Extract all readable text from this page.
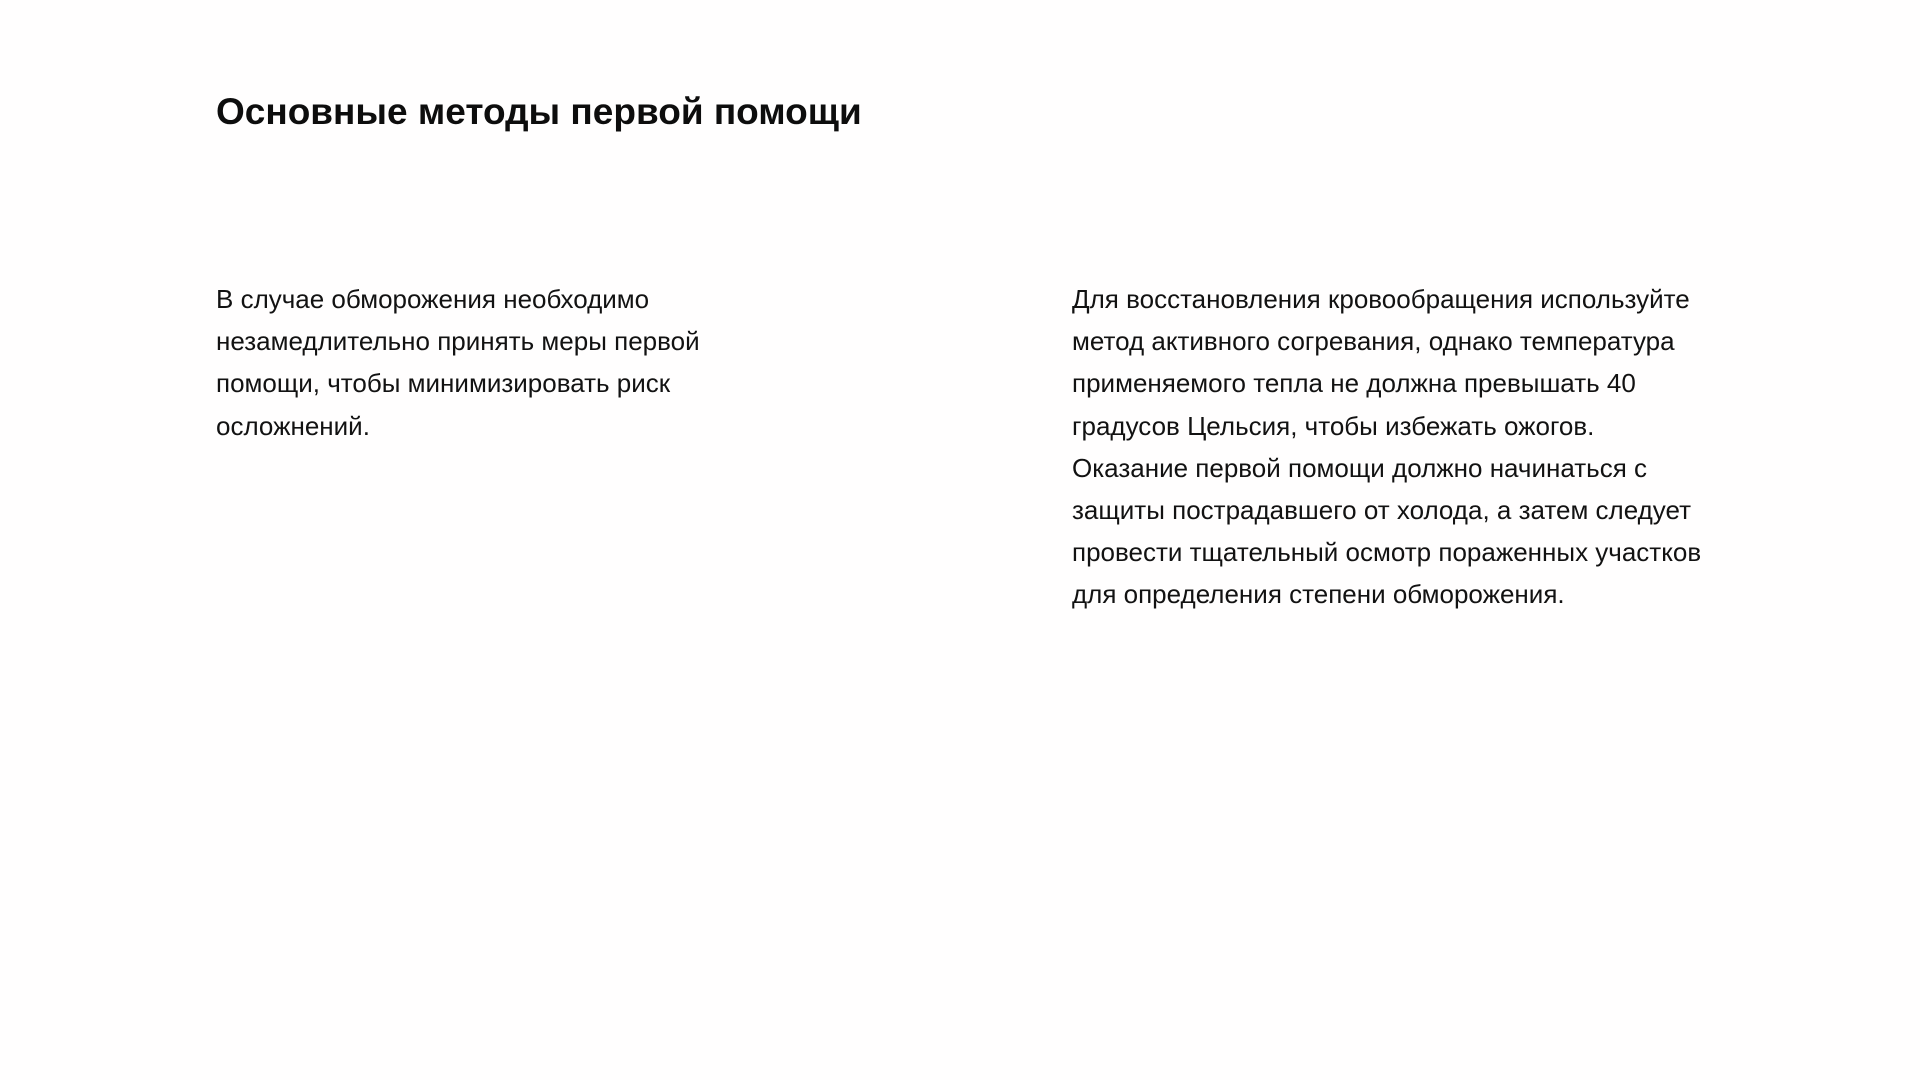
Основные методы первой помощи

В случае обморожения необходимо незамедлительно принять меры первой помощи, чтобы минимизировать риск осложнений.

Для восстановления кровообращения используйте метод активного согревания, однако температура применяемого тепла не должна превышать 40 градусов Цельсия, чтобы избежать ожогов. Оказание первой помощи должно начинаться с защиты пострадавшего от холода, а затем следует провести тщательный осмотр пораженных участков для определения степени обморожения.
